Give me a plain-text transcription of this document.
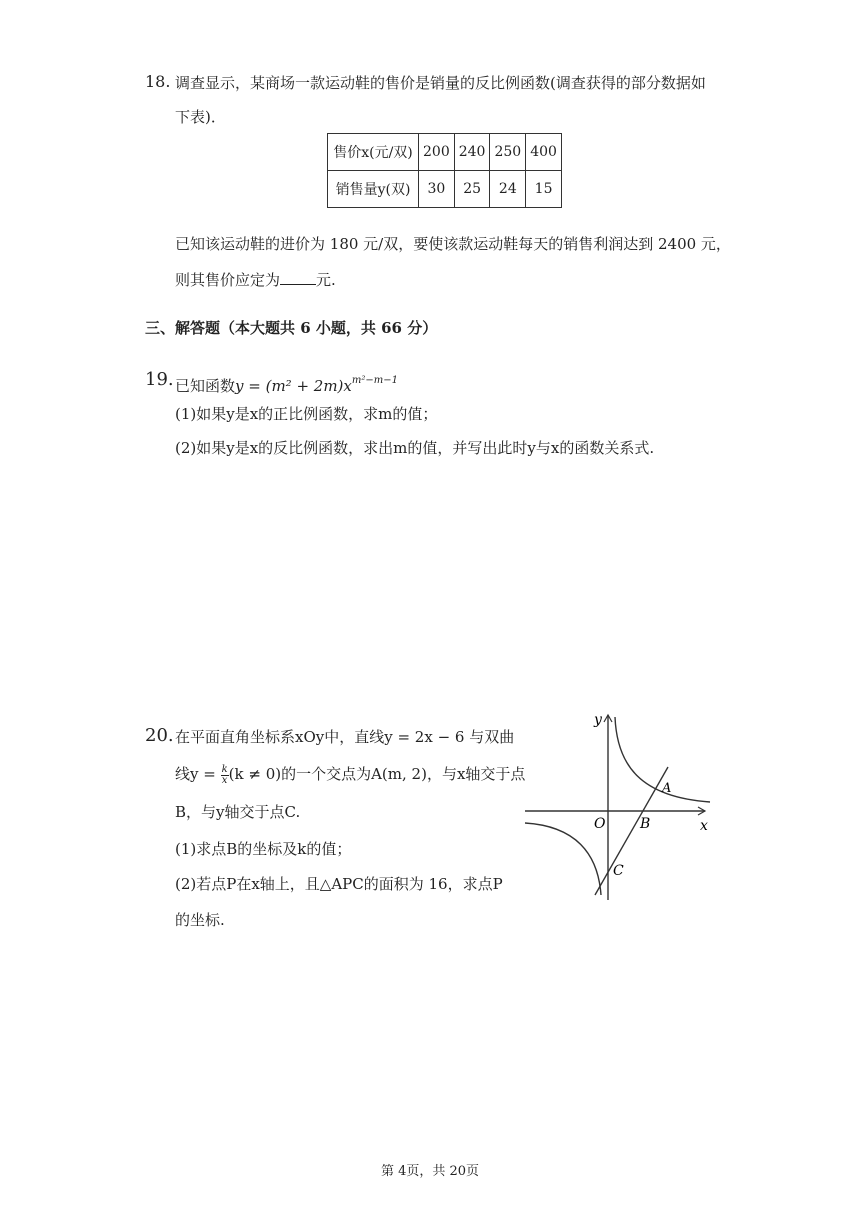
18. 调查显示，某商场一款运动鞋的售价是销量的反比例函数(调查获得的部分数据如
下表)．
售价x(元/双)	200	240	250	400
销售量y(双)	30	25	24	15
已知该运动鞋的进价为 180 元/双，要使该款运动鞋每天的销售利润达到 2400 元，
则其售价应定为 元.
三、解答题（本大题共 6 小题，共 66 分）
19. 已知函数$y = (m^2 + 2m)x^{m^2-m-1}$
(1)如果y是x的正比例函数，求m的值；
(2)如果y是x的反比例函数，求出m的值，并写出此时y与x的函数关系式.
20. 在平面直角坐标系xOy中，直线y = 2x − 6 与双曲
线$y = \frac{k}{x} (k \ne 0)$的一个交点为A(m, 2)，与x轴交于点
B，与y轴交于点C.
(1)求点B的坐标及k的值；
(2)若点P在x轴上，且△APC的面积为 16，求点P
的坐标.
y
x
O
A
B
C
第 4页，共 20页
